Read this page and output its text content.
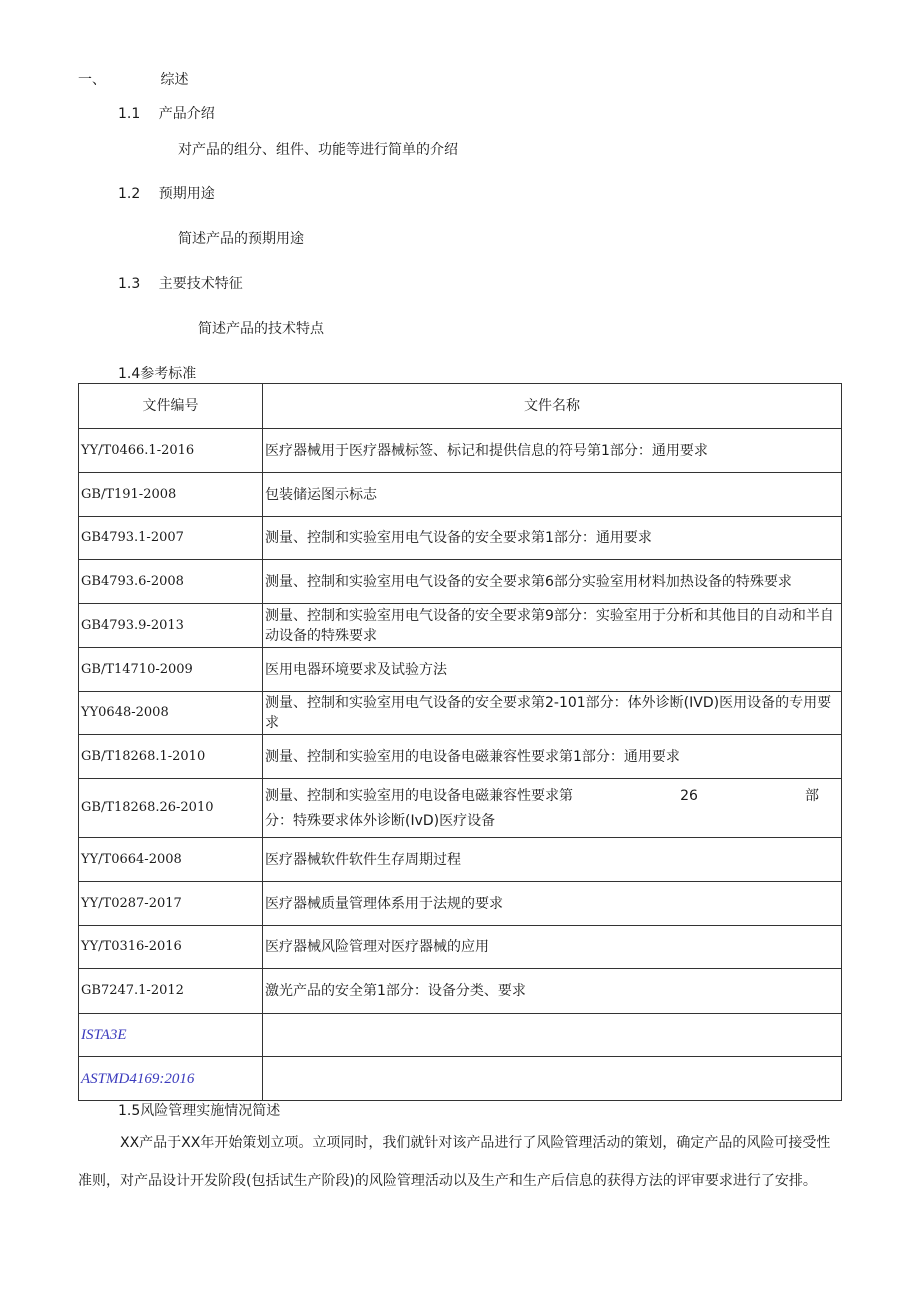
一、	综述
1.1 产品介绍
对产品的组分、组件、功能等进行简单的介绍
1.2 预期用途
简述产品的预期用途
1.3 主要技术特征
简述产品的技术特点
1.4参考标准
文件编号	文件名称
YY/T0466.1-2016	医疗器械用于医疗器械标签、标记和提供信息的符号第1部分：通用要求
GB/T191-2008	包装储运图示标志
GB4793.1-2007	测量、控制和实验室用电气设备的安全要求第1部分：通用要求
GB4793.6-2008	测量、控制和实验室用电气设备的安全要求第6部分实验室用材料加热设备的特殊要求
GB4793.9-2013	测量、控制和实验室用电气设备的安全要求第9部分：实验室用于分析和其他目的自动和半自动设备的特殊要求
GB/T14710-2009	医用电器环境要求及试验方法
YY0648-2008	测量、控制和实验室用电气设备的安全要求第2-101部分：体外诊断(IVD)医用设备的专用要求
GB/T18268.1-2010	测量、控制和实验室用的电设备电磁兼容性要求第1部分：通用要求
GB/T18268.26-2010	测量、控制和实验室用的电设备电磁兼容性要求第 26 部
分：特殊要求体外诊断(IvD)医疗设备

YY/T0664-2008	医疗器械软件软件生存周期过程
YY/T0287-2017	医疗器械质量管理体系用于法规的要求
YY/T0316-2016	医疗器械风险管理对医疗器械的应用
GB7247.1-2012	激光产品的安全第1部分：设备分类、要求
ISTA3E	
ASTMD4169:2016	
1.5风险管理实施情况简述
XX产品于XX年开始策划立项。立项同时，我们就针对该产品进行了风险管理活动的策划，确定产品的风险可接受性准则，对产品设计开发阶段(包括试生产阶段)的风险管理活动以及生产和生产后信息的获得方法的评审要求进行了安排。
